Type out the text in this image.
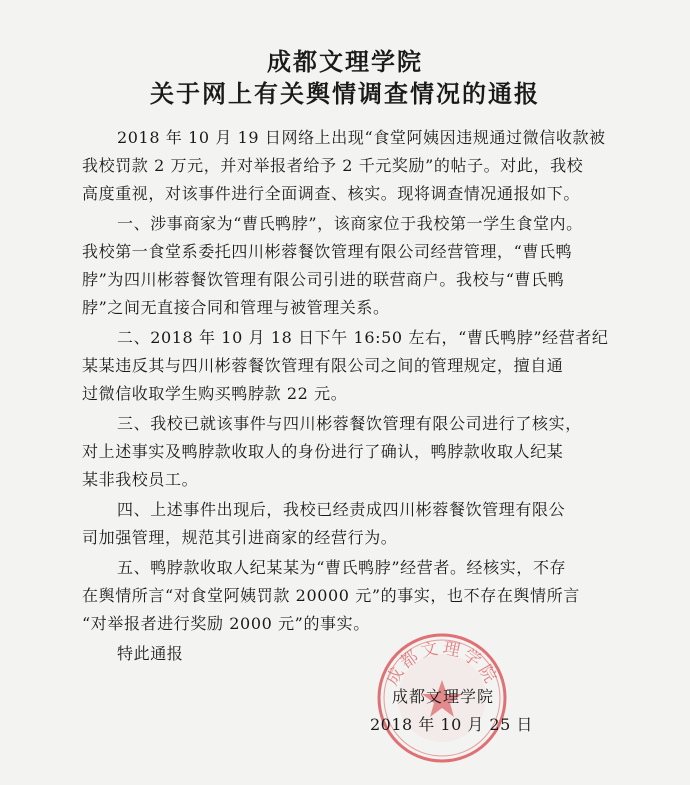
成都文理学院
关于网上有关舆情调查情况的通报
2018 年 10 月 19 日网络上出现“食堂阿姨因违规通过微信收款被
我校罚款 2 万元，并对举报者给予 2 千元奖励”的帖子。对此，我校
高度重视，对该事件进行全面调查、核实。现将调查情况通报如下。
一、涉事商家为“曹氏鸭脖”，该商家位于我校第一学生食堂内。
我校第一食堂系委托四川彬蓉餐饮管理有限公司经营管理，“曹氏鸭
脖”为四川彬蓉餐饮管理有限公司引进的联营商户。我校与“曹氏鸭
脖”之间无直接合同和管理与被管理关系。
二、2018 年 10 月 18 日下午 16:50 左右，“曹氏鸭脖”经营者纪
某某违反其与四川彬蓉餐饮管理有限公司之间的管理规定，擅自通
过微信收取学生购买鸭脖款 22 元。
三、我校已就该事件与四川彬蓉餐饮管理有限公司进行了核实，
对上述事实及鸭脖款收取人的身份进行了确认，鸭脖款收取人纪某
某非我校员工。
四、上述事件出现后，我校已经责成四川彬蓉餐饮管理有限公
司加强管理，规范其引进商家的经营行为。
五、鸭脖款收取人纪某某为“曹氏鸭脖”经营者。经核实，不存
在舆情所言“对食堂阿姨罚款 20000 元”的事实，也不存在舆情所言
“对举报者进行奖励 2000 元”的事实。
特此通报
成都文理学院
成都文理学院
2018 年 10 月 25 日
